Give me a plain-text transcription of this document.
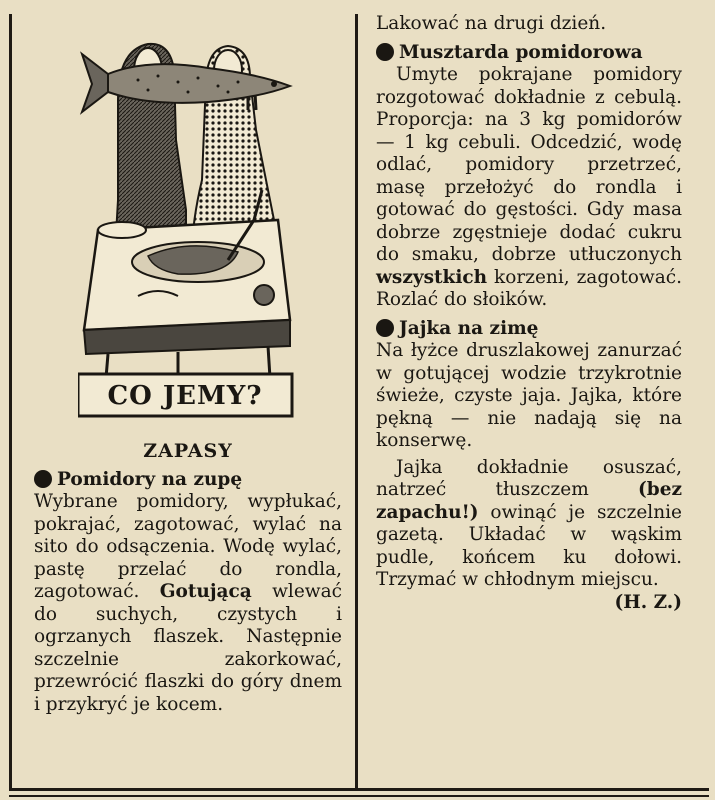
CO JEMY?
ZAPASY

Pomidory na zupę

Wybrane pomidory, wypłukać, pokrajać, zagotować, wylać na sito do odsączenia. Wodę wylać, pastę przelać do rondla, zagotować. Gotującą wlewać do suchych, czystych i ogrzanych flaszek. Następnie szczelnie zakorkować, przewrócić flaszki do góry dnem i przykryć je kocem.

Lakować na drugi dzień.

Musztarda pomidorowa

Umyte pokrajane pomidory rozgotować dokładnie z cebulą. Proporcja: na 3 kg pomidorów — 1 kg cebuli. Odcedzić, wodę odlać, pomidory przetrzeć, masę przełożyć do rondla i gotować do gęstości. Gdy masa dobrze zgęstnieje dodać cukru do smaku, dobrze utłuczonych wszystkich korzeni, zagotować. Rozlać do słoików.

Jajka na zimę

Na łyżce druszlakowej zanurzać w gotującej wodzie trzykrotnie świeże, czyste jaja. Jajka, które pękną — nie nadają się na konserwę.

Jajka dokładnie osuszać, natrzeć tłuszczem (bez zapachu!) owinąć je szczelnie gazetą. Układać w wąskim pudle, końcem ku dołowi. Trzymać w chłodnym miejscu.

(H. Z.)
